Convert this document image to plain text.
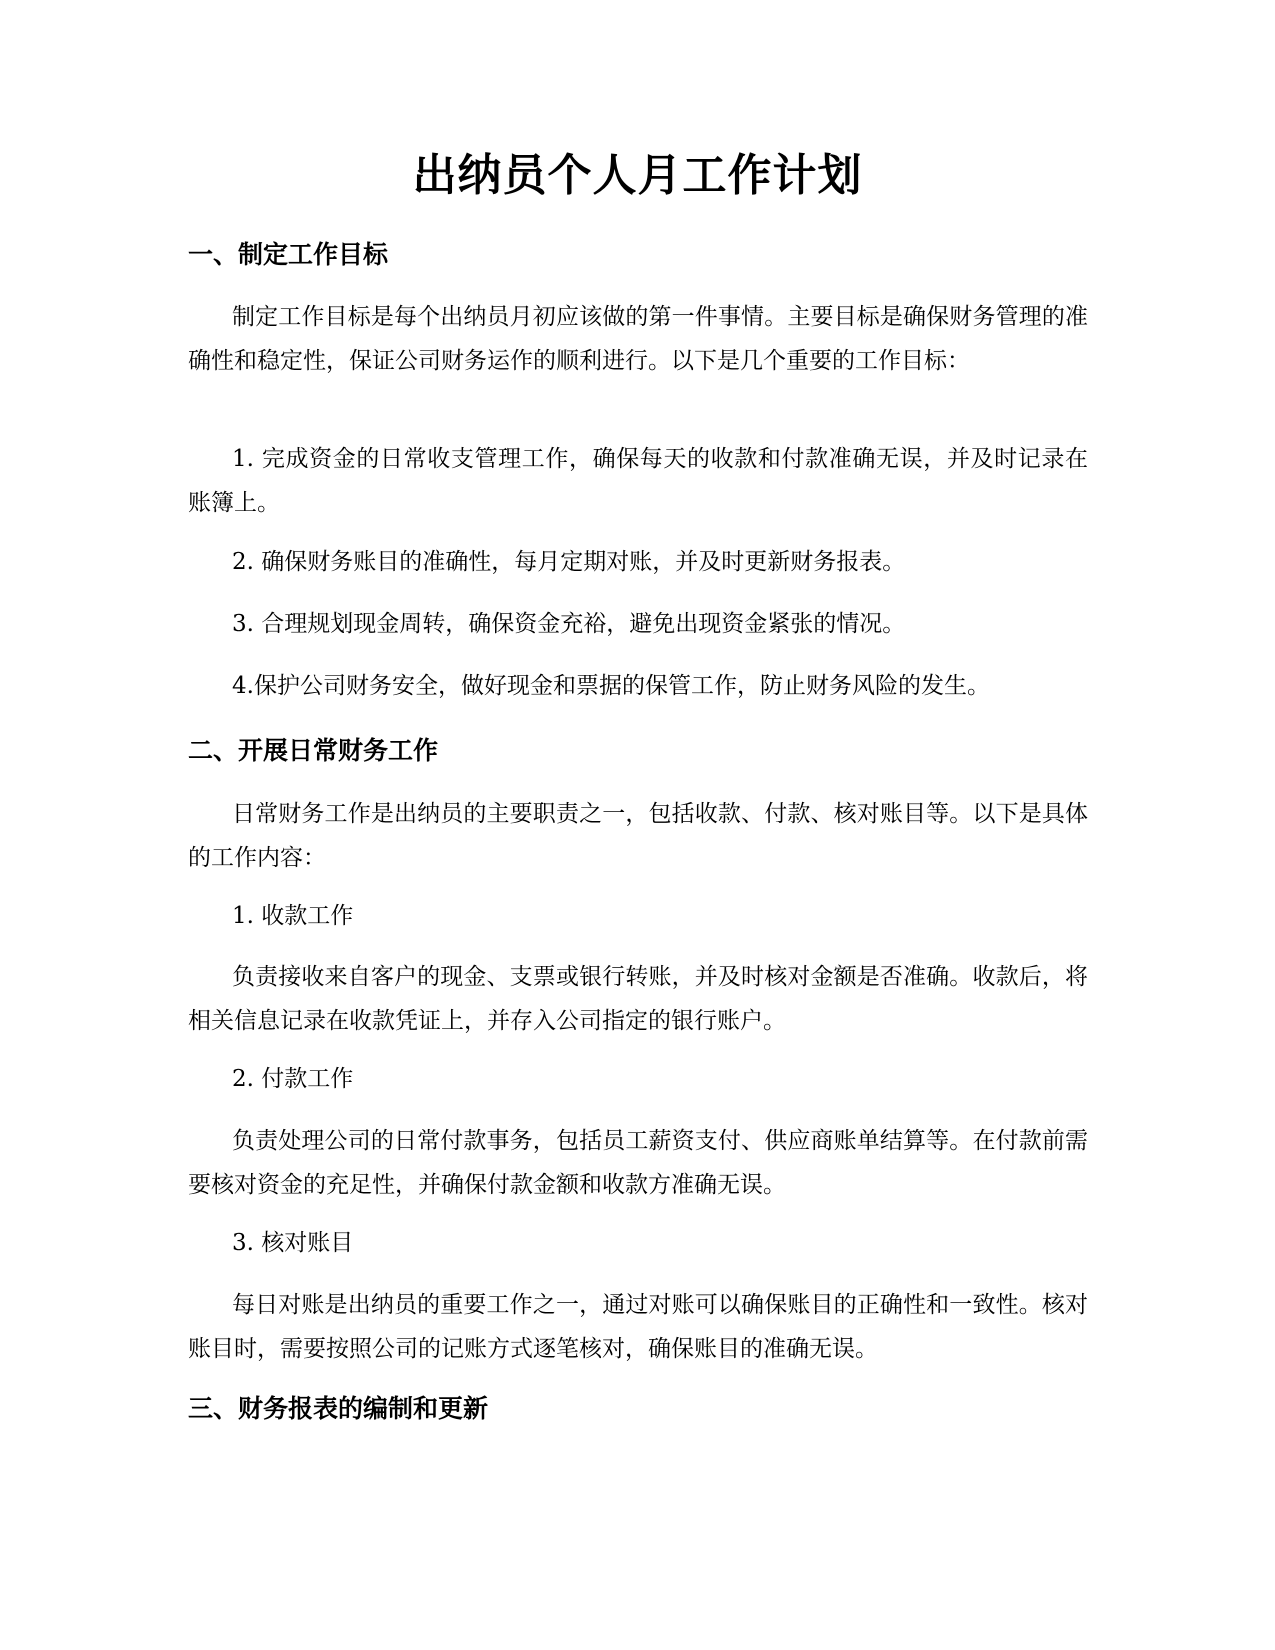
出纳员个人月工作计划
一、制定工作目标

制定工作目标是每个出纳员月初应该做的第一件事情。主要目标是确保财务管理的准确性和稳定性，保证公司财务运作的顺利进行。以下是几个重要的工作目标：

1. 完成资金的日常收支管理工作，确保每天的收款和付款准确无误，并及时记录在账簿上。

2. 确保财务账目的准确性，每月定期对账，并及时更新财务报表。

3. 合理规划现金周转，确保资金充裕，避免出现资金紧张的情况。

4.保护公司财务安全，做好现金和票据的保管工作，防止财务风险的发生。

二、开展日常财务工作

日常财务工作是出纳员的主要职责之一，包括收款、付款、核对账目等。以下是具体的工作内容：

1. 收款工作

负责接收来自客户的现金、支票或银行转账，并及时核对金额是否准确。收款后，将相关信息记录在收款凭证上，并存入公司指定的银行账户。

2. 付款工作

负责处理公司的日常付款事务，包括员工薪资支付、供应商账单结算等。在付款前需要核对资金的充足性，并确保付款金额和收款方准确无误。

3. 核对账目

每日对账是出纳员的重要工作之一，通过对账可以确保账目的正确性和一致性。核对账目时，需要按照公司的记账方式逐笔核对，确保账目的准确无误。

三、财务报表的编制和更新
